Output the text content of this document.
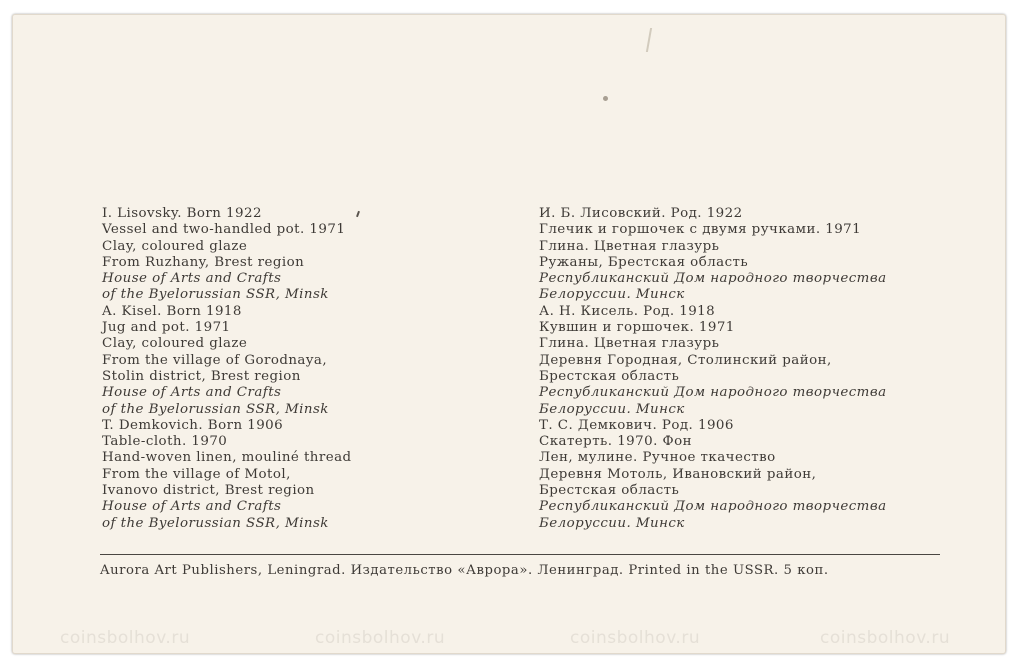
I. Lisovsky. Born 1922
Vessel and two-handled pot. 1971
Clay, coloured glaze
From Ruzhany, Brest region
House of Arts and Crafts
of the Byelorussian SSR, Minsk
A. Kisel. Born 1918
Jug and pot. 1971
Clay, coloured glaze
From the village of Gorodnaya,
Stolin district, Brest region
House of Arts and Crafts
of the Byelorussian SSR, Minsk
T. Demkovich. Born 1906
Table-cloth. 1970
Hand-woven linen, mouliné thread
From the village of Motol,
Ivanovo district, Brest region
House of Arts and Crafts
of the Byelorussian SSR, Minsk
И. Б. Лисовский. Род. 1922
Глечик и горшочек с двумя ручками. 1971
Глина. Цветная глазурь
Ружаны, Брестская область
Республиканский Дом народного творчества
Белоруссии. Минск
А. Н. Кисель. Род. 1918
Кувшин и горшочек. 1971
Глина. Цветная глазурь
Деревня Городная, Столинский район,
Брестская область
Республиканский Дом народного творчества
Белоруссии. Минск
Т. С. Демкович. Род. 1906
Скатерть. 1970. Фон
Лен, мулине. Ручное ткачество
Деревня Мотоль, Ивановский район,
Брестская область
Республиканский Дом народного творчества
Белоруссии. Минск
Aurora Art Publishers, Leningrad. Издательство «Аврора». Ленинград. Printed in the USSR. 5 коп.
coinsbolhov.ru	coinsbolhov.ru	coinsbolhov.ru	coinsbolhov.ru
